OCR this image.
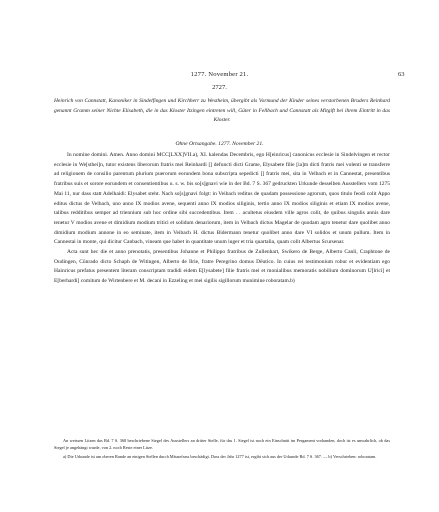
1277. November 21.	63
2727.
Heinrich von Cannstatt, Kanoniker in Sindelfingen und Kirchherr zu Westheim, übergibt als Vormund der Kinder seines verstorbenen Bruders Reinhard genannt Gramm seiner Nichte Elisabeth, die in das Kloster Itzingen eintreten will, Güter in Fellbach und Cannstatt als Mitgift bei ihrem Eintritt in das Kloster.
Ohne Ortsangabe. 1277. November 21.

In nomine domini. Amen. Anno domini MCC[LXX]VII.a), XI. kalendas Decembris, ego H[einricus] canonicus ecclesie in Sindelvingen et rector ecclesie in We[sthei]n, tutor existens liberorum fratris mei Reinhardi [] defuncti dicti Grame, Elysabete filie [ia]m dicti fratris mei volenti se transferre ad religionem de consilio parentum plurium puerorum eorundem bona subscripta sepedicti [] fratris mei, sita in Velbach et in Cannestat, presentibus fratribus suis et sorore eorundem et consentientibus u. s. w. bis so[s]gnavi wie in der Bd. 7 S. 367 gedruckten Urkunde desselben Ausstellers vom 1275 Mai 11, nur dass statt Adelhaidi: Elysabet steht. Nach so[s]gnavi folgt: in Veibach reditus de quadam possessione agrorum, quos titulo feodi colit Appo editus dictus de Velbach, uno anno IX modios avene, sequenti anno IX modios siliginis, tertio anno IX modios siliginis et etiam IX modios avene, talibus redditibus semper ad triennium sub hoc ordine sibi succedentibus. Item . . acultetus eiusdem ville agros colit, de quibus singulis annis dare tenetur V modios avene et dimidium modium tritici et solidum denariorum, item in Velbach dictus Magelar de quodam agro tenetur dare quolibet anno dimidium modium annone in eo seminate, item in Veibach H. dictus Bidermann tenetur quolibet anno dare VI solidos et unum pullum. Item in Cannestai in monte, qui dicitur Canbach, vineam que habet in quantitate unum iuger et tria quartalia, quam colit Albertus Scursenar.

Acta sunt hec die et anno prenotatis, presentibus Johanne et Philippo fratribus de Zullenhart, Swikero de Berge, Alberto Canli, Craphtone de Oudingen, Cūnrado dicto Schaph de Witingen, Alberto de Ilrie, fratre Peregrino domus Dēutico. In cuius rei testimonium robur et evidentiam ego Hainricus prefatus presentem literam conscriptam tradidi eidem E[lysabete] filie fratris mei et monialibus memoratis nobilium dominorum U[lrici] et E[berhardi] comitum de Wirtenbere et M. decani in Ezzeling et mei sigilis sigillorum munimine roboratam.b)

An weissen Litzen das Bd. 7 S. 368 beschriebene Siegel des Ausstellers an dritter Stelle, für das 1. Siegel ist noch ein Einschnitt im Pergament vorhanden, doch ist es unwahrlich, ob das Siegel je angehängt wurde, von 2. noch Reste einer Litze.

a) Die Urkunde ist am oberen Rande an einigen Stellen durch Mäusefrass beschädigt. Dass der Jahr 1277 ist, ergibt sich aus der Urkunde Bd. 7 S. 367. — b) Verschrieben: roboratam.
